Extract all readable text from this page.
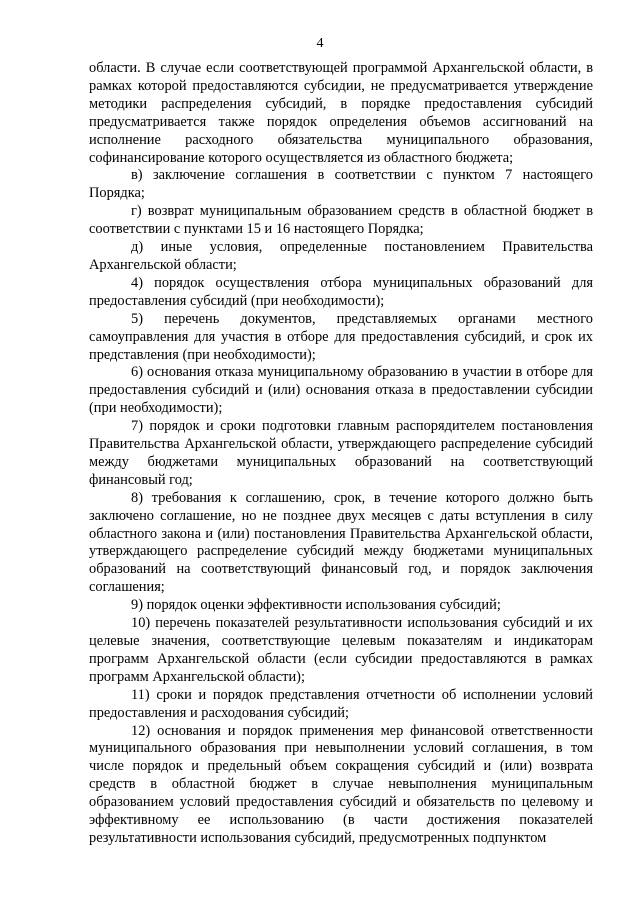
4

области. В случае если соответствующей программой Архангельской области, в рамках которой предоставляются субсидии, не предусматривается утверждение методики распределения субсидий, в порядке предоставления субсидий предусматривается также порядок определения объемов ассигнований на исполнение расходного обязательства муниципального образования, софинансирование которого осуществляется из областного бюджета;

в) заключение соглашения в соответствии с пунктом 7 настоящего Порядка;

г) возврат муниципальным образованием средств в областной бюджет в соответствии с пунктами 15 и 16 настоящего Порядка;

д) иные условия, определенные постановлением Правительства Архангельской области;

4) порядок осуществления отбора муниципальных образований для предоставления субсидий (при необходимости);

5) перечень документов, представляемых органами местного самоуправления для участия в отборе для предоставления субсидий, и срок их представления (при необходимости);

6) основания отказа муниципальному образованию в участии в отборе для предоставления субсидий и (или) основания отказа в предоставлении субсидии (при необходимости);

7) порядок и сроки подготовки главным распорядителем постановления Правительства Архангельской области, утверждающего распределение субсидий между бюджетами муниципальных образований на соответствующий финансовый год;

8) требования к соглашению, срок, в течение которого должно быть заключено соглашение, но не позднее двух месяцев с даты вступления в силу областного закона и (или) постановления Правительства Архангельской области, утверждающего распределение субсидий между бюджетами муниципальных образований на соответствующий финансовый год, и порядок заключения соглашения;

9) порядок оценки эффективности использования субсидий;

10) перечень показателей результативности использования субсидий и их целевые значения, соответствующие целевым показателям и индикаторам программ Архангельской области (если субсидии предоставляются в рамках программ Архангельской области);

11) сроки и порядок представления отчетности об исполнении условий предоставления и расходования субсидий;

12) основания и порядок применения мер финансовой ответственности муниципального образования при невыполнении условий соглашения, в том числе порядок и предельный объем сокращения субсидий и (или) возврата средств в областной бюджет в случае невыполнения муниципальным образованием условий предоставления субсидий и обязательств по целевому и эффективному ее использованию (в части достижения показателей результативности использования субсидий, предусмотренных подпунктом
